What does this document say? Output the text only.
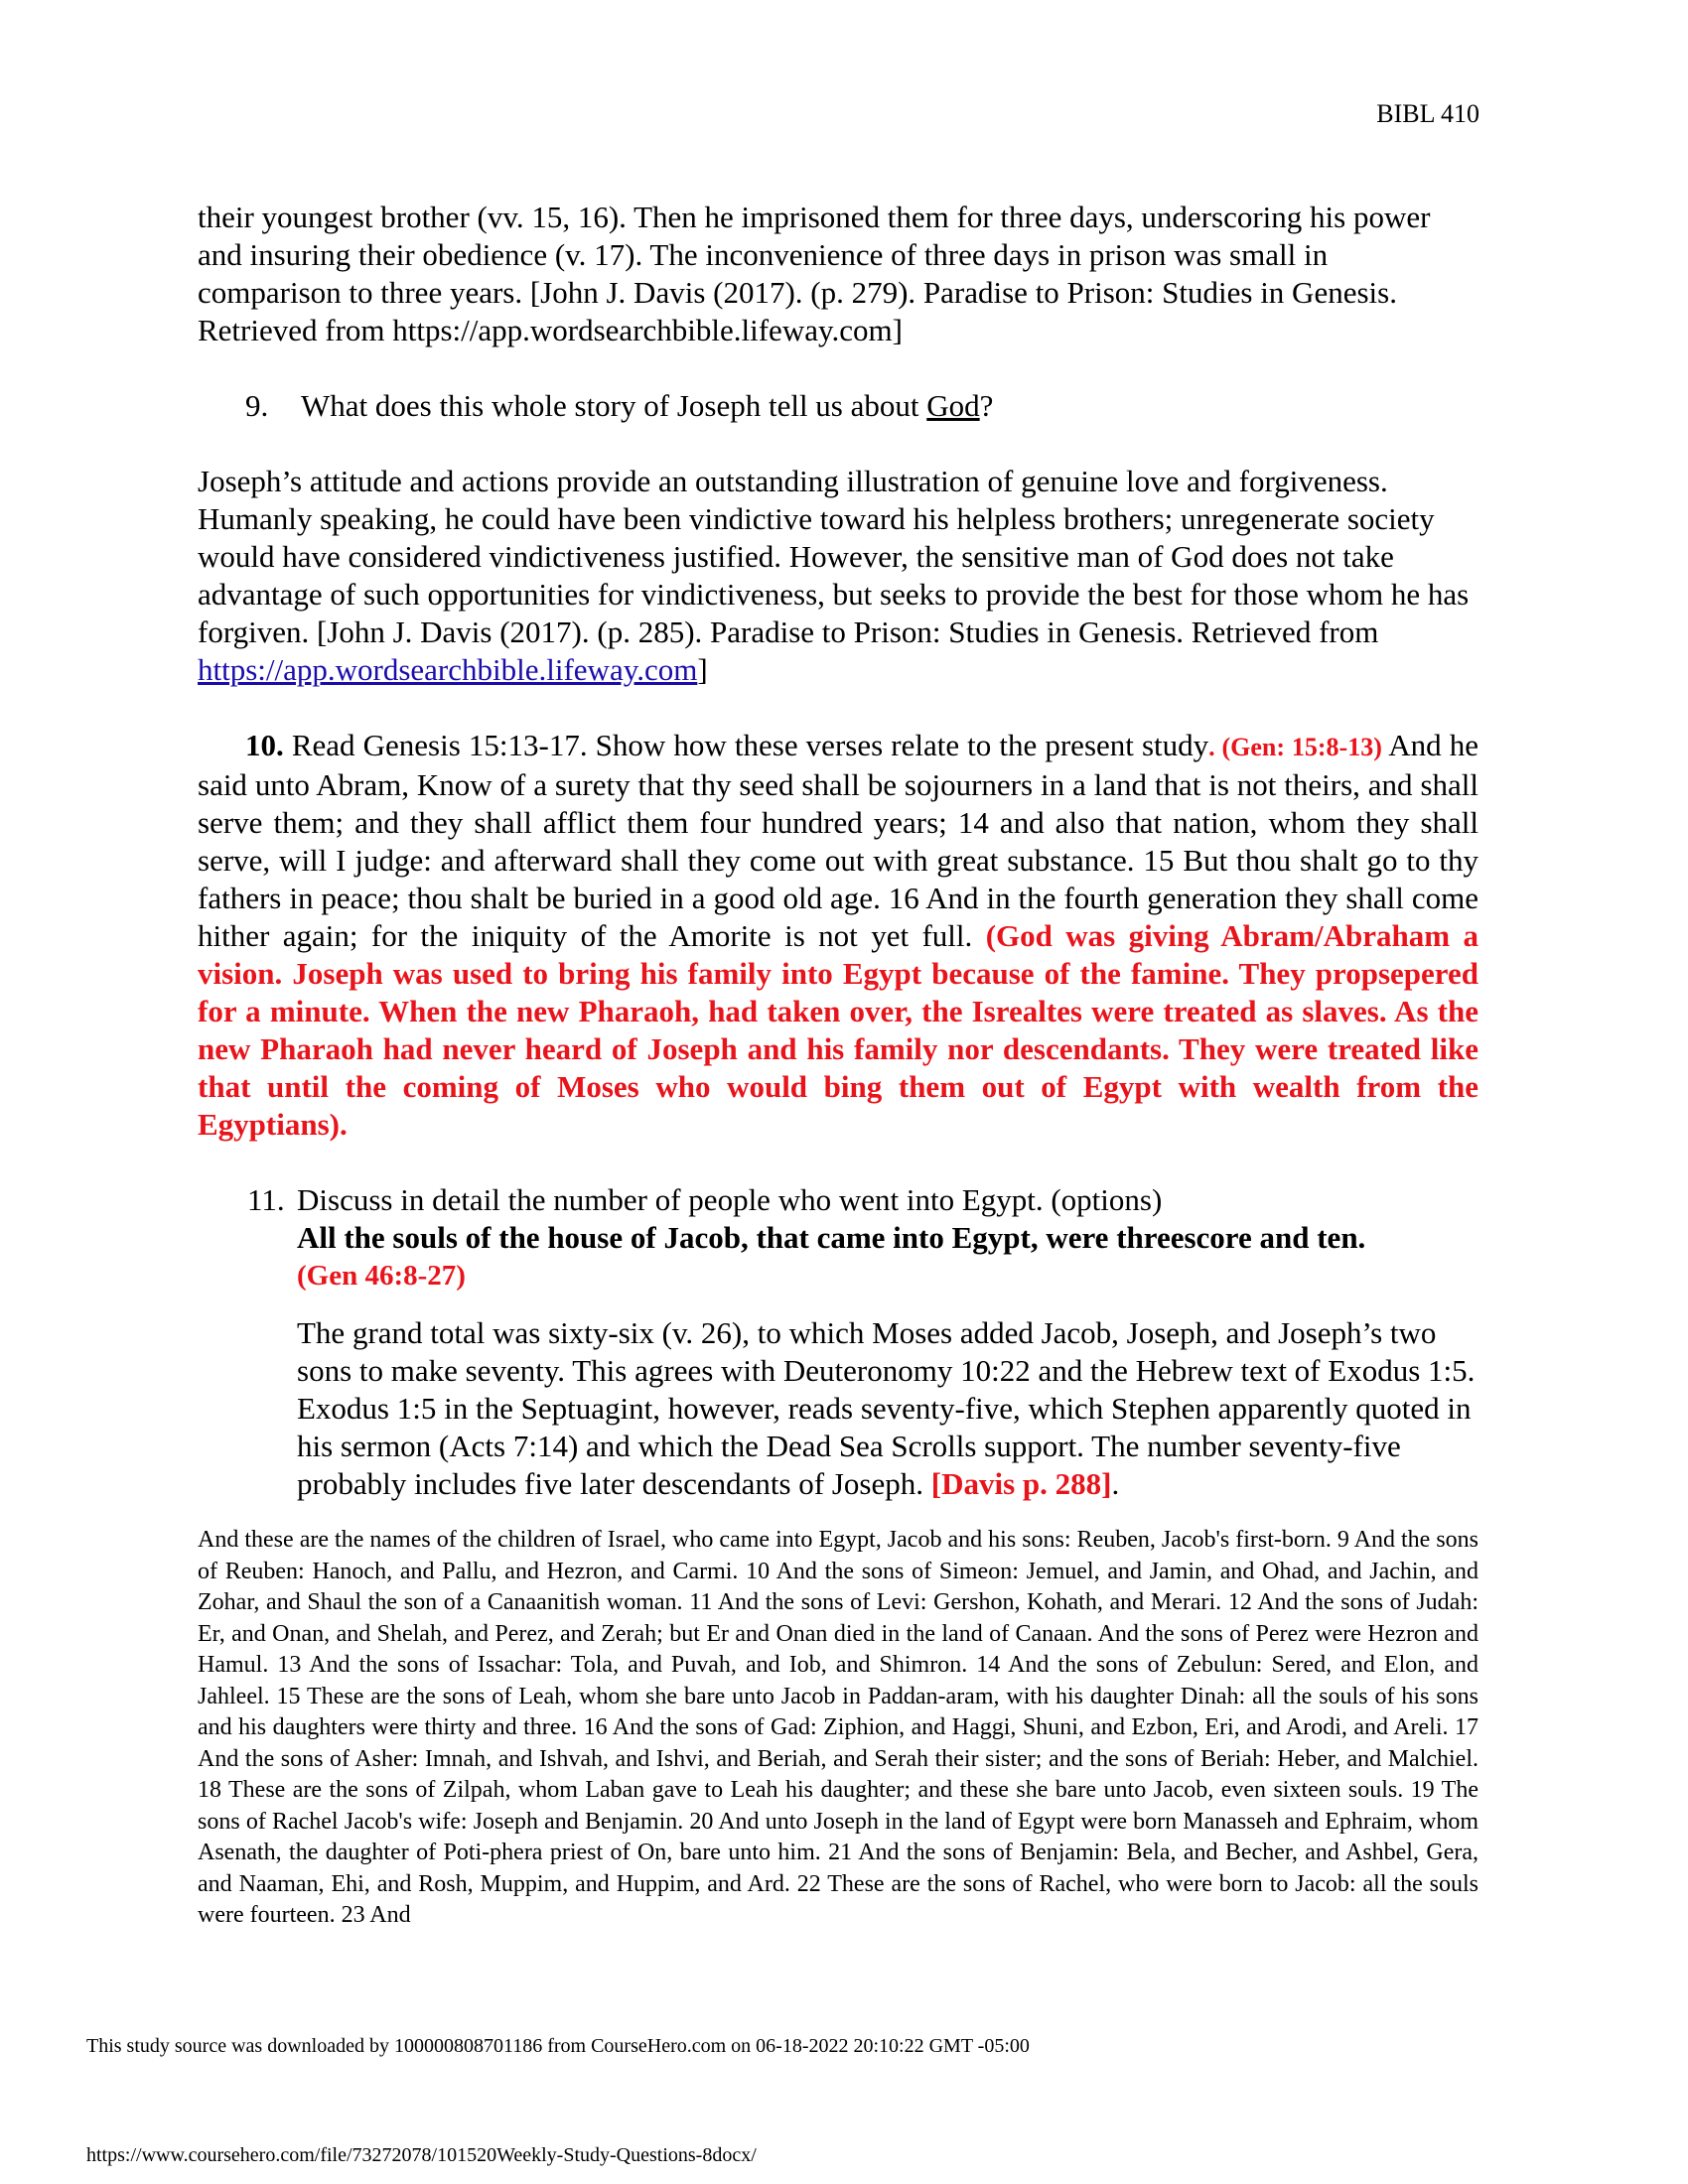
BIBL 410

their youngest brother (vv. 15, 16). Then he imprisoned them for three days, underscoring his power and insuring their obedience (v. 17). The inconvenience of three days in prison was small in comparison to three years. [John J. Davis (2017). (p. 279). Paradise to Prison: Studies in Genesis. Retrieved from https://app.wordsearchbible.lifeway.com]

9.	What does this whole story of Joseph tell us about God?

Joseph’s attitude and actions provide an outstanding illustration of genuine love and forgiveness. Humanly speaking, he could have been vindictive toward his helpless brothers; unregenerate society would have considered vindictiveness justified. However, the sensitive man of God does not take advantage of such opportunities for vindictiveness, but seeks to provide the best for those whom he has forgiven. [John J. Davis (2017). (p. 285). Paradise to Prison: Studies in Genesis. Retrieved from https://app.wordsearchbible.lifeway.com]

10. Read Genesis 15:13-17. Show how these verses relate to the present study. (Gen: 15:8-13) And he said unto Abram, Know of a surety that thy seed shall be sojourners in a land that is not theirs, and shall serve them; and they shall afflict them four hundred years; 14 and also that nation, whom they shall serve, will I judge: and afterward shall they come out with great substance. 15 But thou shalt go to thy fathers in peace; thou shalt be buried in a good old age. 16 And in the fourth generation they shall come hither again; for the iniquity of the Amorite is not yet full. (God was giving Abram/Abraham a vision. Joseph was used to bring his family into Egypt because of the famine. They propsepered for a minute. When the new Pharaoh, had taken over, the Isrealtes were treated as slaves. As the new Pharaoh had never heard of Joseph and his family nor descendants. They were treated like that until the coming of Moses who would bing them out of Egypt with wealth from the Egyptians).

11. Discuss in detail the number of people who went into Egypt. (options)
All the souls of the house of Jacob, that came into Egypt, were threescore and ten.
(Gen 46:8-27)
The grand total was sixty-six (v. 26), to which Moses added Jacob, Joseph, and Joseph’s two sons to make seventy. This agrees with Deuteronomy 10:22 and the Hebrew text of Exodus 1:5. Exodus 1:5 in the Septuagint, however, reads seventy-five, which Stephen apparently quoted in his sermon (Acts 7:14) and which the Dead Sea Scrolls support. The number seventy-five probably includes five later descendants of Joseph. [Davis p. 288].
And these are the names of the children of Israel, who came into Egypt, Jacob and his sons: Reuben, Jacob's first-born. 9 And the sons of Reuben: Hanoch, and Pallu, and Hezron, and Carmi. 10 And the sons of Simeon: Jemuel, and Jamin, and Ohad, and Jachin, and Zohar, and Shaul the son of a Canaanitish woman. 11 And the sons of Levi: Gershon, Kohath, and Merari. 12 And the sons of Judah: Er, and Onan, and Shelah, and Perez, and Zerah; but Er and Onan died in the land of Canaan. And the sons of Perez were Hezron and Hamul. 13 And the sons of Issachar: Tola, and Puvah, and Iob, and Shimron. 14 And the sons of Zebulun: Sered, and Elon, and Jahleel. 15 These are the sons of Leah, whom she bare unto Jacob in Paddan-aram, with his daughter Dinah: all the souls of his sons and his daughters were thirty and three. 16 And the sons of Gad: Ziphion, and Haggi, Shuni, and Ezbon, Eri, and Arodi, and Areli. 17 And the sons of Asher: Imnah, and Ishvah, and Ishvi, and Beriah, and Serah their sister; and the sons of Beriah: Heber, and Malchiel. 18 These are the sons of Zilpah, whom Laban gave to Leah his daughter; and these she bare unto Jacob, even sixteen souls. 19 The sons of Rachel Jacob's wife: Joseph and Benjamin. 20 And unto Joseph in the land of Egypt were born Manasseh and Ephraim, whom Asenath, the daughter of Poti-phera priest of On, bare unto him. 21 And the sons of Benjamin: Bela, and Becher, and Ashbel, Gera, and Naaman, Ehi, and Rosh, Muppim, and Huppim, and Ard. 22 These are the sons of Rachel, who were born to Jacob: all the souls were fourteen. 23 And
This study source was downloaded by 100000808701186 from CourseHero.com on 06-18-2022 20:10:22 GMT -05:00
https://www.coursehero.com/file/73272078/101520Weekly-Study-Questions-8docx/
